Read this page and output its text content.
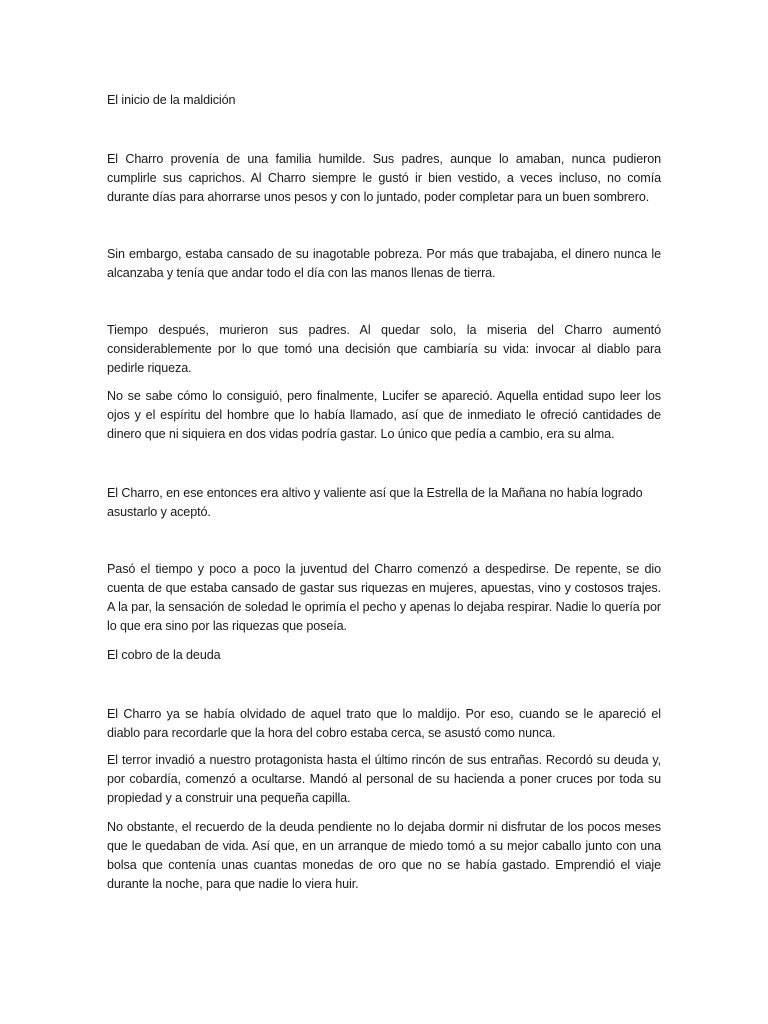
El inicio de la maldición

El Charro provenía de una familia humilde. Sus padres, aunque lo amaban, nunca pudieron cumplirle sus caprichos. Al Charro siempre le gustó ir bien vestido, a veces incluso, no comía durante días para ahorrarse unos pesos y con lo juntado, poder completar para un buen sombrero.

Sin embargo, estaba cansado de su inagotable pobreza. Por más que trabajaba, el dinero nunca le alcanzaba y tenía que andar todo el día con las manos llenas de tierra.

Tiempo después, murieron sus padres. Al quedar solo, la miseria del Charro aumentó considerablemente por lo que tomó una decisión que cambiaría su vida: invocar al diablo para pedirle riqueza.

No se sabe cómo lo consiguió, pero finalmente, Lucifer se apareció. Aquella entidad supo leer los ojos y el espíritu del hombre que lo había llamado, así que de inmediato le ofreció cantidades de dinero que ni siquiera en dos vidas podría gastar. Lo único que pedía a cambio, era su alma.

El Charro, en ese entonces era altivo y valiente así que la Estrella de la Mañana no había logrado asustarlo y aceptó.

Pasó el tiempo y poco a poco la juventud del Charro comenzó a despedirse. De repente, se dio cuenta de que estaba cansado de gastar sus riquezas en mujeres, apuestas, vino y costosos trajes. A la par, la sensación de soledad le oprimía el pecho y apenas lo dejaba respirar. Nadie lo quería por lo que era sino por las riquezas que poseía.

El cobro de la deuda

El Charro ya se había olvidado de aquel trato que lo maldijo. Por eso, cuando se le apareció el diablo para recordarle que la hora del cobro estaba cerca, se asustó como nunca.

El terror invadió a nuestro protagonista hasta el último rincón de sus entrañas. Recordó su deuda y, por cobardía, comenzó a ocultarse. Mandó al personal de su hacienda a poner cruces por toda su propiedad y a construir una pequeña capilla.

No obstante, el recuerdo de la deuda pendiente no lo dejaba dormir ni disfrutar de los pocos meses que le quedaban de vida. Así que, en un arranque de miedo tomó a su mejor caballo junto con una bolsa que contenía unas cuantas monedas de oro que no se había gastado. Emprendió el viaje durante la noche, para que nadie lo viera huir.
